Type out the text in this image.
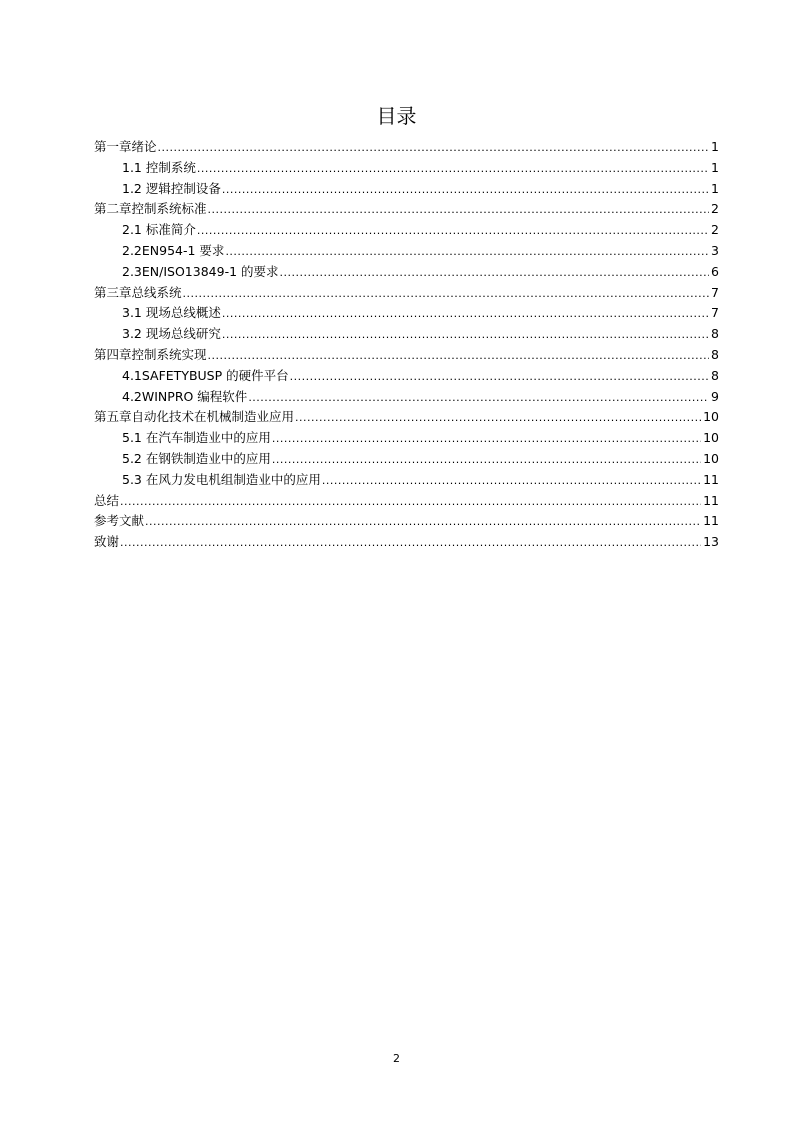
目录
第一章绪论 .....	1
1.1 控制系统 .....	1
1.2 逻辑控制设备 .....	1
第二章控制系统标准 .....	2
2.1 标准简介 .....	2
2.2EN954-1 要求 .....	3
2.3EN/ISO13849-1 的要求 .....	6
第三章总线系统 .....	7
3.1 现场总线概述 .....	7
3.2 现场总线研究 .....	8
第四章控制系统实现 .....	8
4.1SAFETYBUSP 的硬件平台 .....	8
4.2WINPRO 编程软件 .....	9
第五章自动化技术在机械制造业应用 .....	10
5.1 在汽车制造业中的应用 .....	10
5.2 在钢铁制造业中的应用 .....	10
5.3 在风力发电机组制造业中的应用 .....	11
总结 .....	11
参考文献 .....	11
致谢 .....	13
2
